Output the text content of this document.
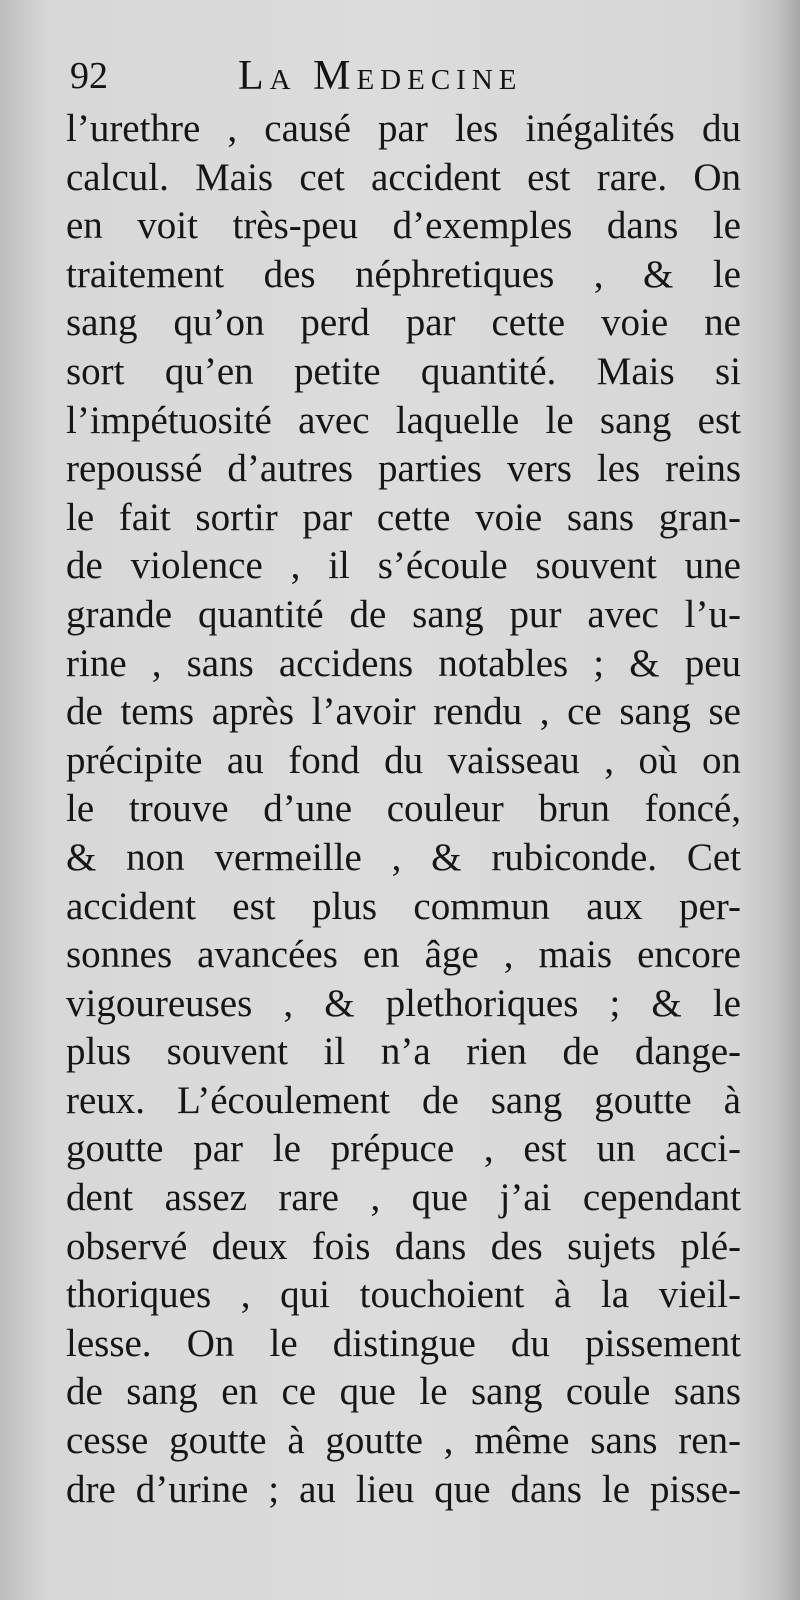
92	La Medecine
l’urethre , causé par les inégalités du
calcul. Mais cet accident est rare. On
en voit très-peu d’exemples dans le
traitement des néphretiques , & le
sang qu’on perd par cette voie ne
sort qu’en petite quantité. Mais si
l’impétuosité avec laquelle le sang est
repoussé d’autres parties vers les reins
le fait sortir par cette voie sans gran-
de violence , il s’écoule souvent une
grande quantité de sang pur avec l’u-
rine , sans accidens notables ; & peu
de tems après l’avoir rendu , ce sang se
précipite au fond du vaisseau , où on
le trouve d’une couleur brun foncé,
& non vermeille , & rubiconde. Cet
accident est plus commun aux per-
sonnes avancées en âge , mais encore
vigoureuses , & plethoriques ; & le
plus souvent il n’a rien de dange-
reux. L’écoulement de sang goutte à
goutte par le prépuce , est un acci-
dent assez rare , que j’ai cependant
observé deux fois dans des sujets plé-
thoriques , qui touchoient à la vieil-
lesse. On le distingue du pissement
de sang en ce que le sang coule sans
cesse goutte à goutte , même sans ren-
dre d’urine ; au lieu que dans le pisse-
